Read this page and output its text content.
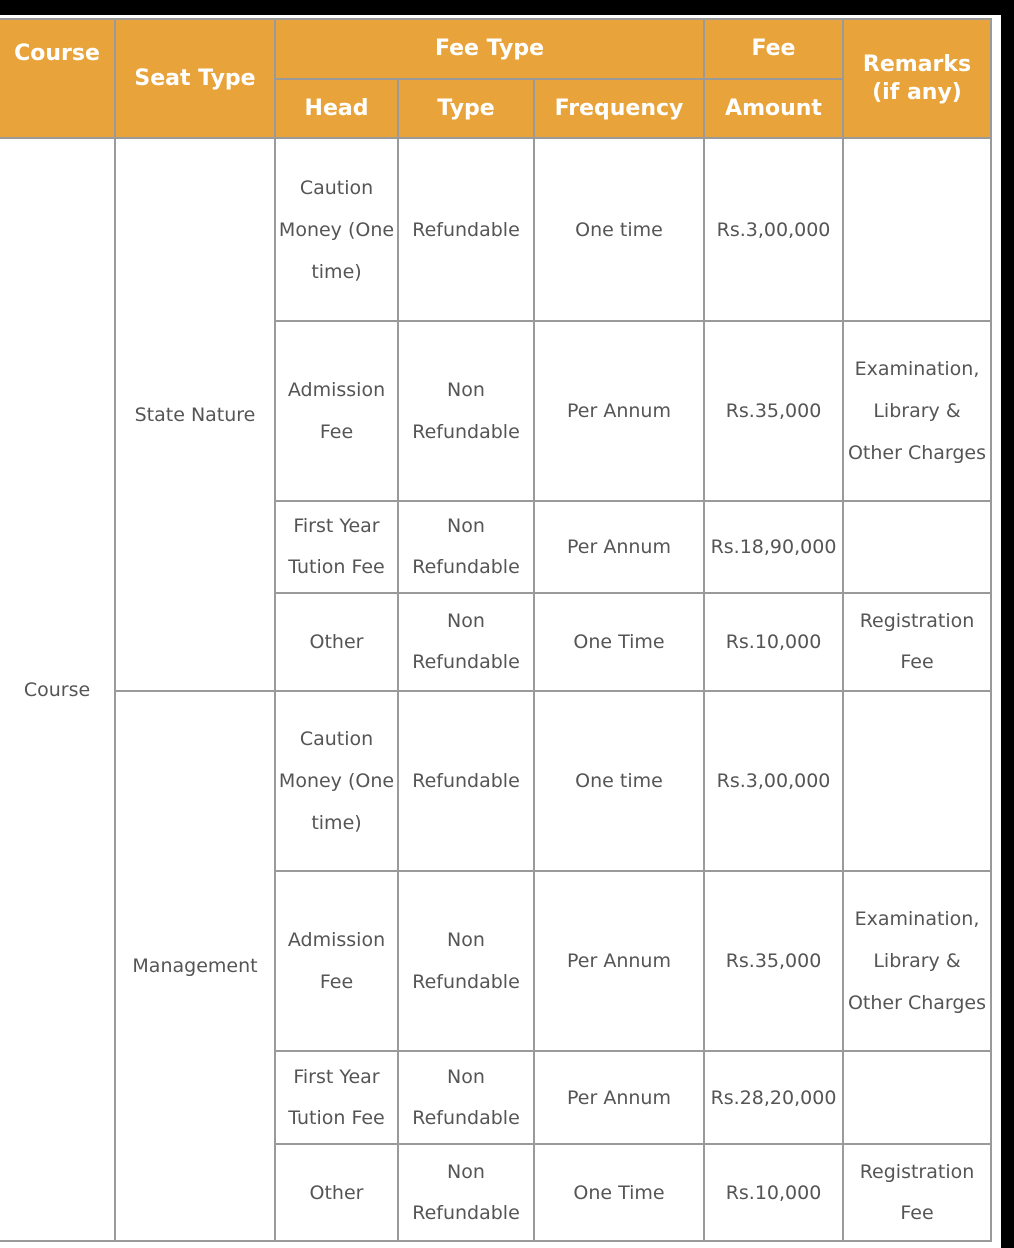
Course	Seat Type	Fee Type			Fee	Remarks
(if any)
		Head	Type	Frequency	Amount	
Course	State Nature	Caution Money (One time)	Refundable	One time	Rs.3,00,000	
		Admission Fee	Non Refundable	Per Annum	Rs.35,000	Examination, Library & Other Charges
		First Year Tution Fee	Non Refundable	Per Annum	Rs.18,90,000	
		Other	Non Refundable	One Time	Rs.10,000	Registration Fee
	Management	Caution Money (One time)	Refundable	One time	Rs.3,00,000	
		Admission Fee	Non Refundable	Per Annum	Rs.35,000	Examination, Library & Other Charges
		First Year Tution Fee	Non Refundable	Per Annum	Rs.28,20,000	
		Other	Non Refundable	One Time	Rs.10,000	Registration Fee
